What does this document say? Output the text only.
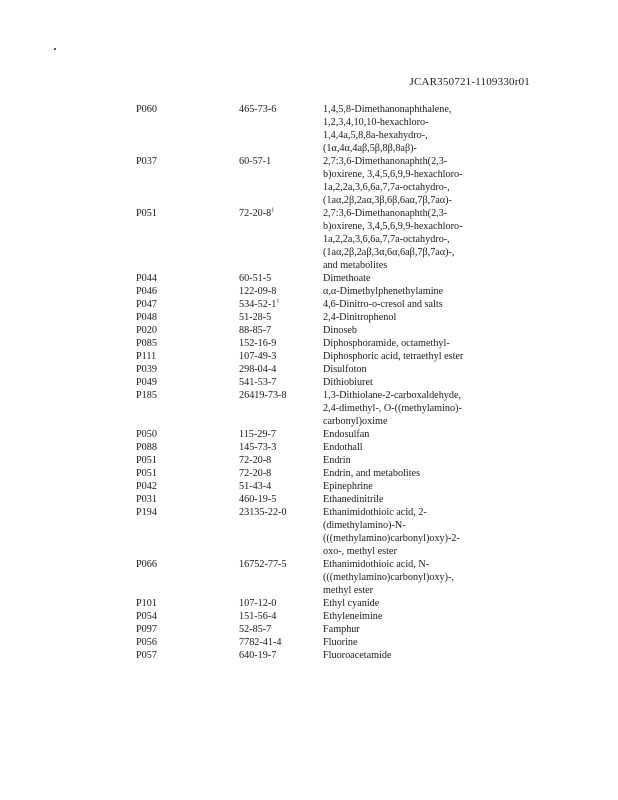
JCAR350721-1109330r01
P060	465-73-6	1,4,5,8-Dimethanonaphthalene,
1,2,3,4,10,10-hexachloro-
1,4,4a,5,8,8a-hexahydro-,
(1α,4α,4aβ,5β,8β,8aβ)-
P037	60-57-1	2,7:3,6-Dimethanonaphth(2,3-
b)oxirene, 3,4,5,6,9,9-hexachloro-
1a,2,2a,3,6,6a,7,7a-octahydro-,
(1aα,2β,2aα,3β,6β,6aα,7β,7aα)-
P051	$72-20-8^1$	2,7:3,6-Dimethanonaphth(2,3-
b)oxirene, 3,4,5,6,9,9-hexachloro-
1a,2,2a,3,6,6a,7,7a-octahydro-,
(1aα,2β,2aβ,3α,6α,6aβ,7β,7aα)-,
and metabolites
P044	60-51-5	Dimethoate
P046	122-09-8	α,α-Dimethylphenethylamine
P047	$534-52-1^1$	4,6-Dinitro-o-cresol and salts
P048	51-28-5	2,4-Dinitrophenol
P020	88-85-7	Dinoseb
P085	152-16-9	Diphosphoramide, octamethyl-
P111	107-49-3	Diphosphoric acid, tetraethyl ester
P039	298-04-4	Disulfoton
P049	541-53-7	Dithiobiuret
P185	26419-73-8	1,3-Dithiolane-2-carboxaldehyde,
2,4-dimethyl-, O-((methylamino)-
carbonyl)oxime
P050	115-29-7	Endosulfan
P088	145-73-3	Endothall
P051	72-20-8	Endrin
P051	72-20-8	Endrin, and metabolites
P042	51-43-4	Epinephrine
P031	460-19-5	Ethanedinitrile
P194	23135-22-0	Ethanimidothioic acid, 2-
(dimethylamino)-N-
(((methylamino)carbonyl)oxy)-2-
oxo-, methyl ester
P066	16752-77-5	Ethanimidothioic acid, N-
(((methylamino)carbonyl)oxy)-,
methyl ester
P101	107-12-0	Ethyl cyanide
P054	151-56-4	Ethyleneimine
P097	52-85-7	Famphur
P056	7782-41-4	Fluorine
P057	640-19-7	Fluoroacetamide
